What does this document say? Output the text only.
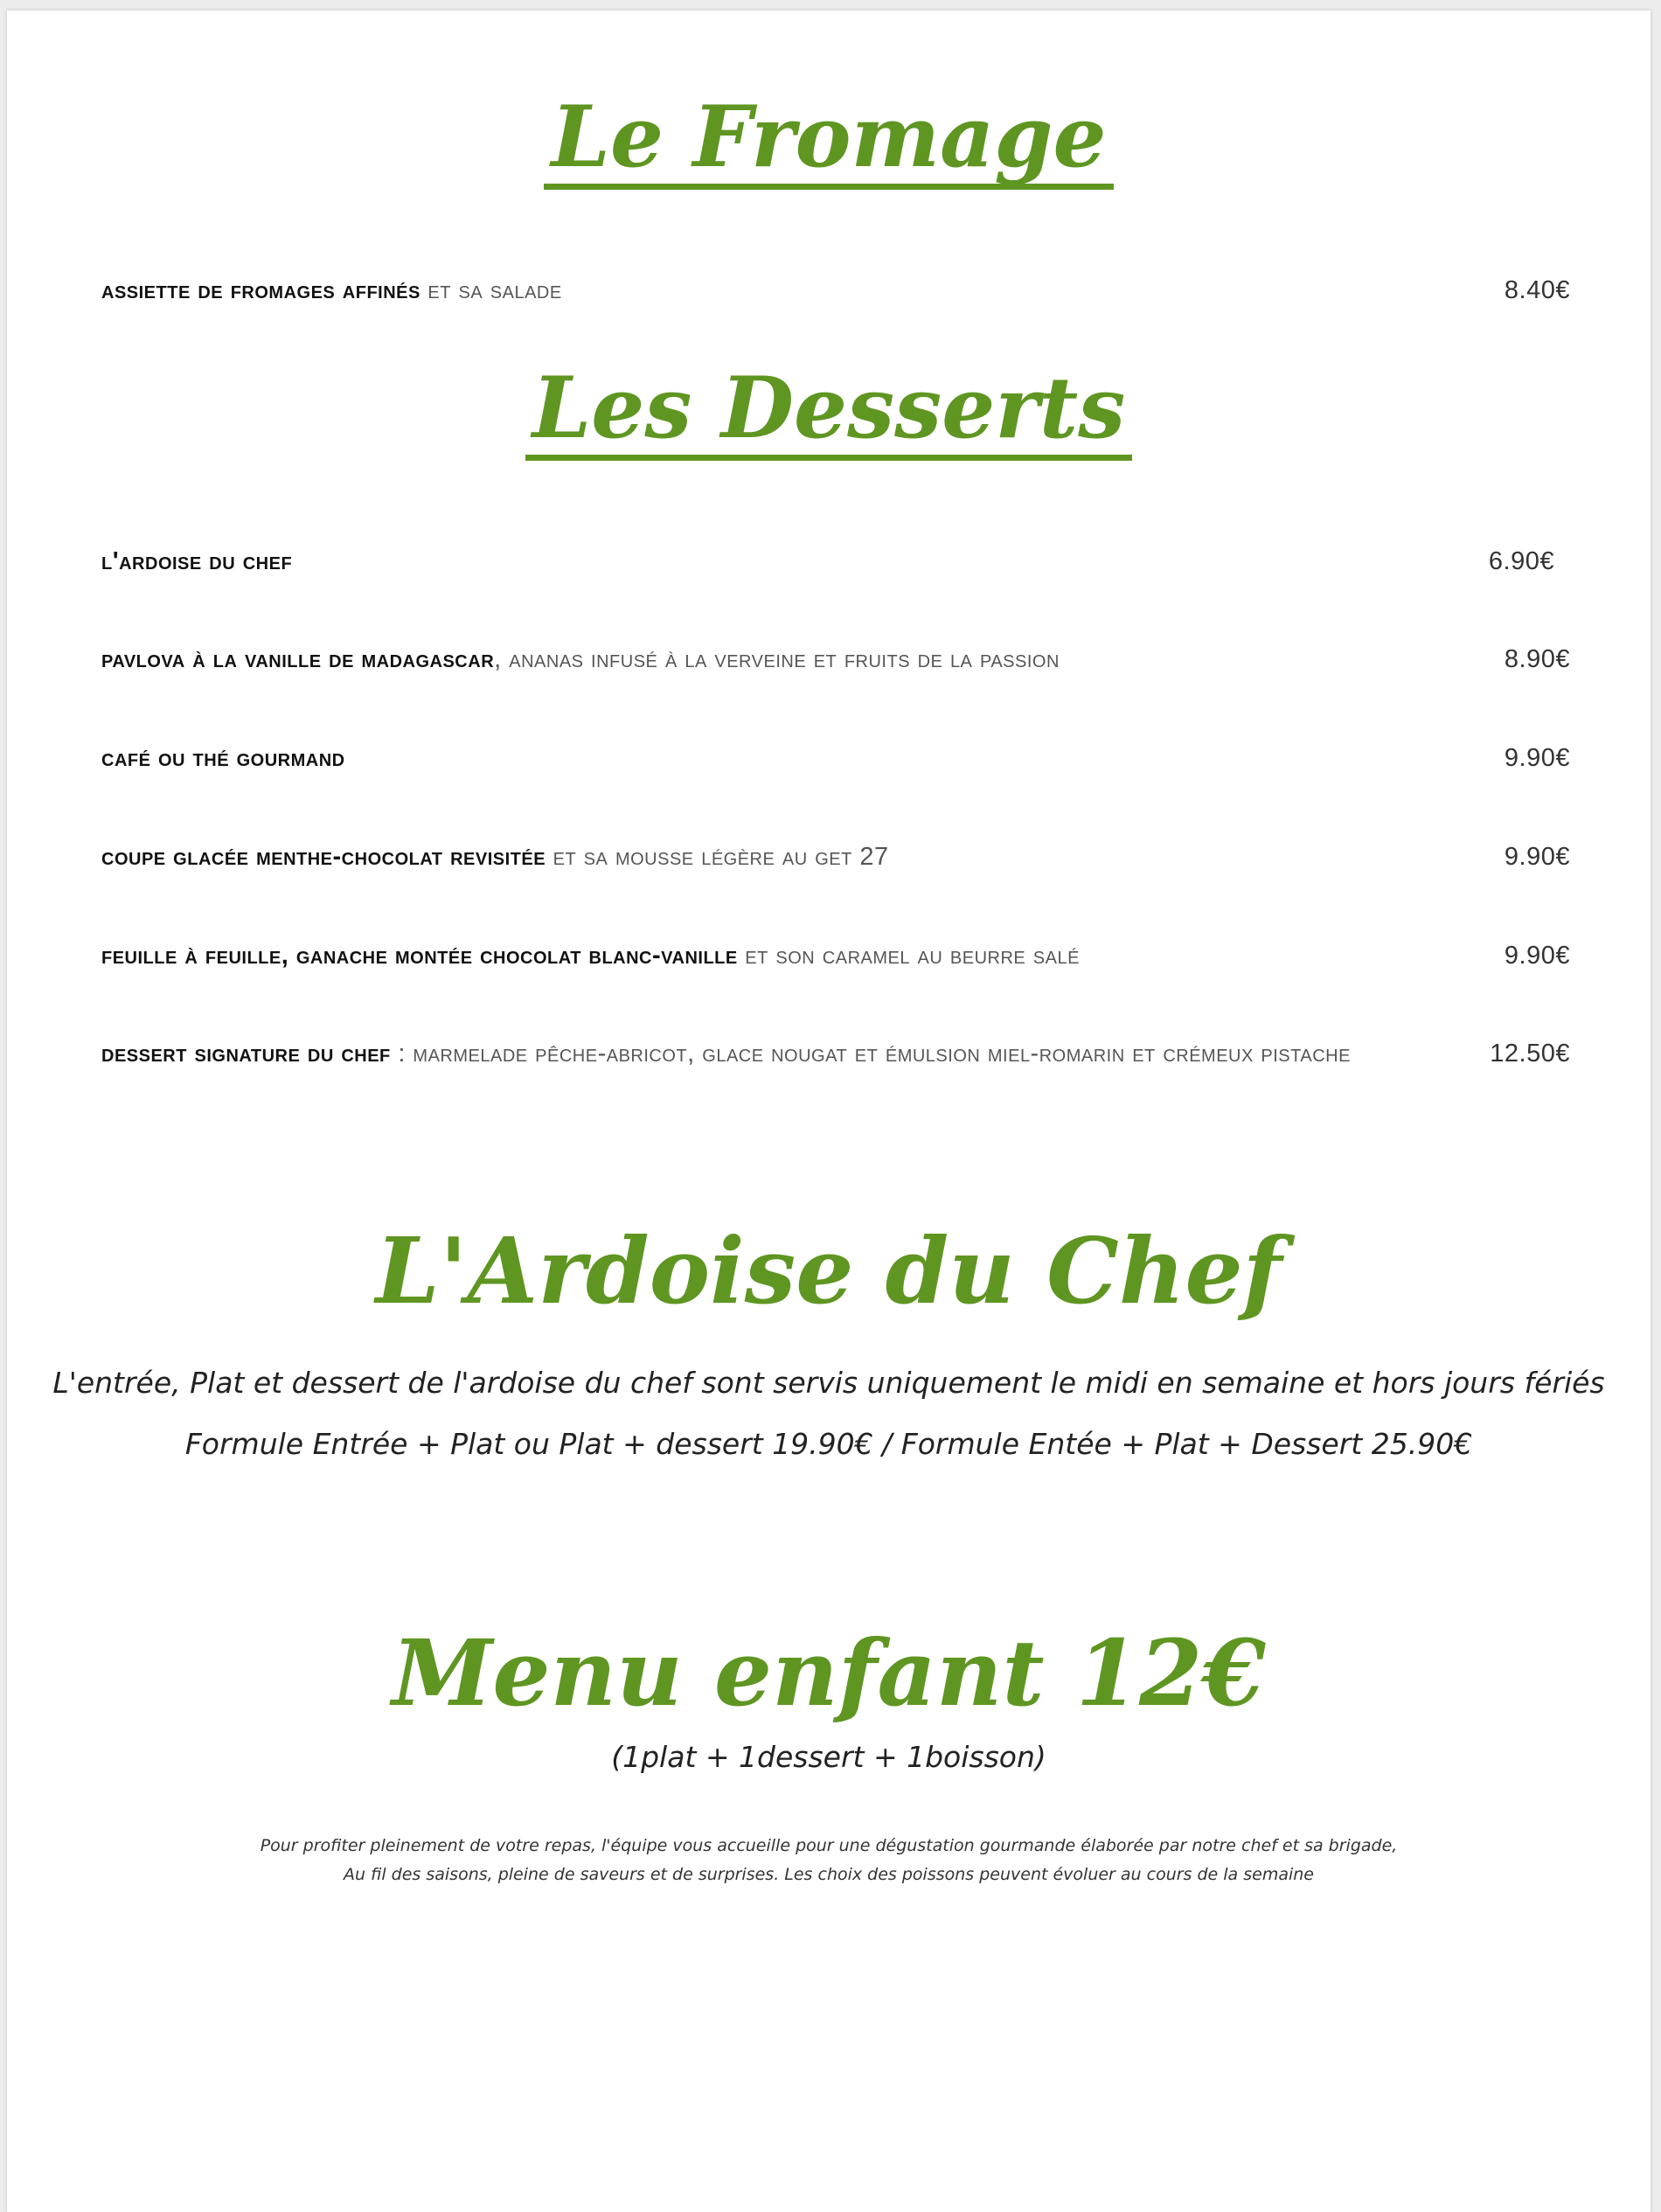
Le Fromage
assiette de fromages affinés et sa salade	8.40€
Les Desserts
l'ardoise du chef	6.90€
pavlova à la vanille de madagascar, ananas infusé à la verveine et fruits de la passion	8.90€
café ou thé gourmand	9.90€
coupe glacée menthe-chocolat revisitée et sa mousse légère au get 27	9.90€
feuille à feuille, ganache montée chocolat blanc-vanille et son caramel au beurre salé	9.90€
dessert signature du chef : marmelade pêche-abricot, glace nougat et émulsion miel-romarin et crémeux pistache	12.50€
L'Ardoise du Chef

L'entrée, Plat et dessert de l'ardoise du chef sont servis uniquement le midi en semaine et hors jours fériés

Formule Entrée + Plat ou Plat + dessert 19.90€ / Formule Entée + Plat + Dessert 25.90€

Menu enfant 12€

(1plat + 1dessert + 1boisson)

Pour profiter pleinement de votre repas, l'équipe vous accueille pour une dégustation gourmande élaborée par notre chef et sa brigade,

Au fil des saisons, pleine de saveurs et de surprises. Les choix des poissons peuvent évoluer au cours de la semaine
